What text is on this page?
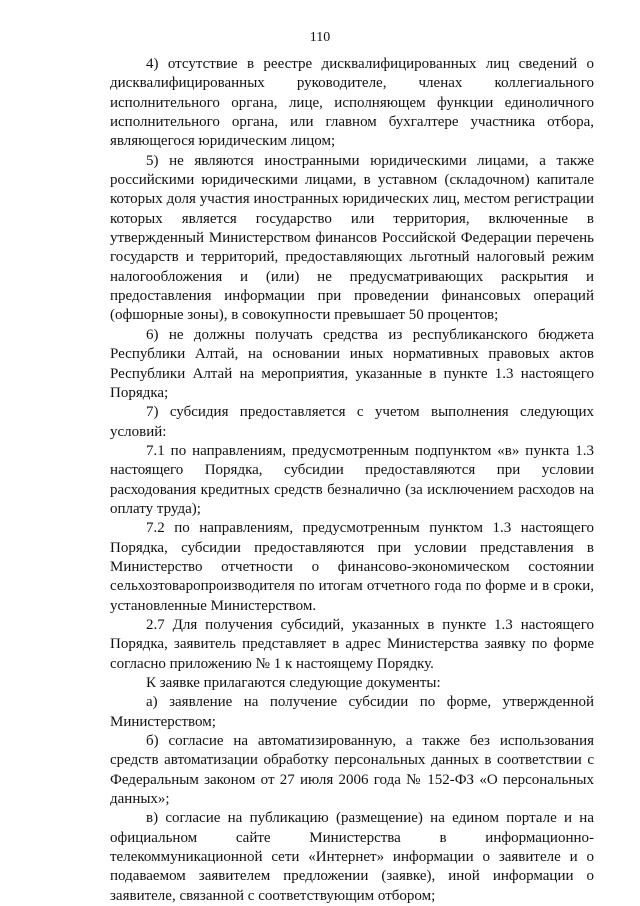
110

4) отсутствие в реестре дисквалифицированных лиц сведений о дисквалифицированных руководителе, членах коллегиального исполнительного органа, лице, исполняющем функции единоличного исполнительного органа, или главном бухгалтере участника отбора, являющегося юридическим лицом;

5) не являются иностранными юридическими лицами, а также российскими юридическими лицами, в уставном (складочном) капитале которых доля участия иностранных юридических лиц, местом регистрации которых является государство или территория, включенные в утвержденный Министерством финансов Российской Федерации перечень государств и территорий, предоставляющих льготный налоговый режим налогообложения и (или) не предусматривающих раскрытия и предоставления информации при проведении финансовых операций (офшорные зоны), в совокупности превышает 50 процентов;

6) не должны получать средства из республиканского бюджета Республики Алтай, на основании иных нормативных правовых актов Республики Алтай на мероприятия, указанные в пункте 1.3 настоящего Порядка;

7) субсидия предоставляется с учетом выполнения следующих условий:

7.1 по направлениям, предусмотренным подпунктом «в» пункта 1.3 настоящего Порядка, субсидии предоставляются при условии расходования кредитных средств безналично (за исключением расходов на оплату труда);

7.2 по направлениям, предусмотренным пунктом 1.3 настоящего Порядка, субсидии предоставляются при условии представления в Министерство отчетности о финансово-экономическом состоянии сельхозтоваропроизводителя по итогам отчетного года по форме и в сроки, установленные Министерством.

2.7 Для получения субсидий, указанных в пункте 1.3 настоящего Порядка, заявитель представляет в адрес Министерства заявку по форме согласно приложению № 1 к настоящему Порядку.

К заявке прилагаются следующие документы:

а) заявление на получение субсидии по форме, утвержденной Министерством;

б) согласие на автоматизированную, а также без использования средств автоматизации обработку персональных данных в соответствии с Федеральным законом от 27 июля 2006 года № 152-ФЗ «О персональных данных»;

в) согласие на публикацию (размещение) на едином портале и на официальном сайте Министерства в информационно-телекоммуникационной сети «Интернет» информации о заявителе и о подаваемом заявителем предложении (заявке), иной информации о заявителе, связанной с соответствующим отбором;
